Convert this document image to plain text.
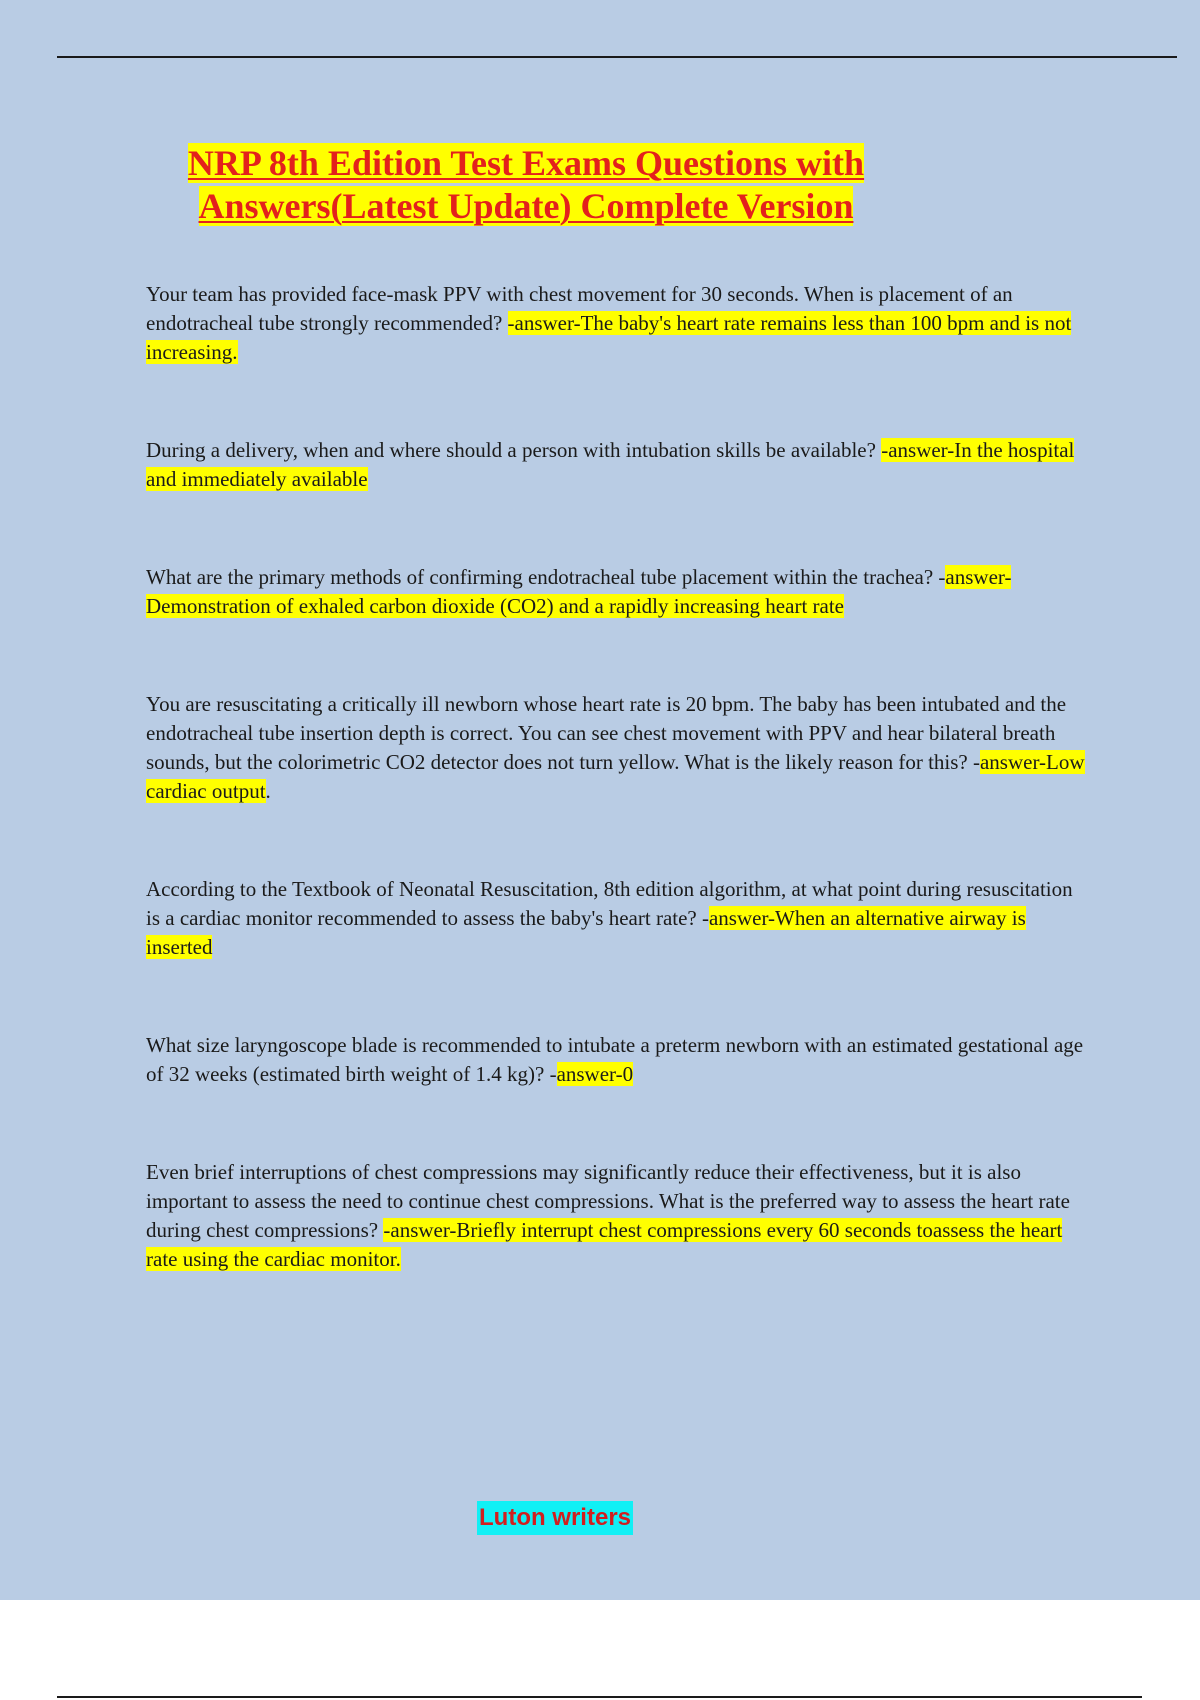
NRP 8th Edition Test Exams Questions with Answers(Latest Update) Complete Version

Your team has provided face-mask PPV with chest movement for 30 seconds. When is placement of an endotracheal tube strongly recommended? -answer-The baby's heart rate remains less than 100 bpm and is not increasing.

During a delivery, when and where should a person with intubation skills be available? -answer-In the hospital and immediately available

What are the primary methods of confirming endotracheal tube placement within the trachea? -answer-Demonstration of exhaled carbon dioxide (CO2) and a rapidly increasing heart rate

You are resuscitating a critically ill newborn whose heart rate is 20 bpm. The baby has been intubated and the endotracheal tube insertion depth is correct. You can see chest movement with PPV and hear bilateral breath sounds, but the colorimetric CO2 detector does not turn yellow. What is the likely reason for this? -answer-Low cardiac output.

According to the Textbook of Neonatal Resuscitation, 8th edition algorithm, at what point during resuscitation is a cardiac monitor recommended to assess the baby's heart rate? -answer-When an alternative airway is inserted

What size laryngoscope blade is recommended to intubate a preterm newborn with an estimated gestational age of 32 weeks (estimated birth weight of 1.4 kg)? -answer-0

Even brief interruptions of chest compressions may significantly reduce their effectiveness, but it is also important to assess the need to continue chest compressions. What is the preferred way to assess the heart rate during chest compressions? -answer-Briefly interrupt chest compressions every 60 seconds toassess the heart rate using the cardiac monitor.

Luton writers
